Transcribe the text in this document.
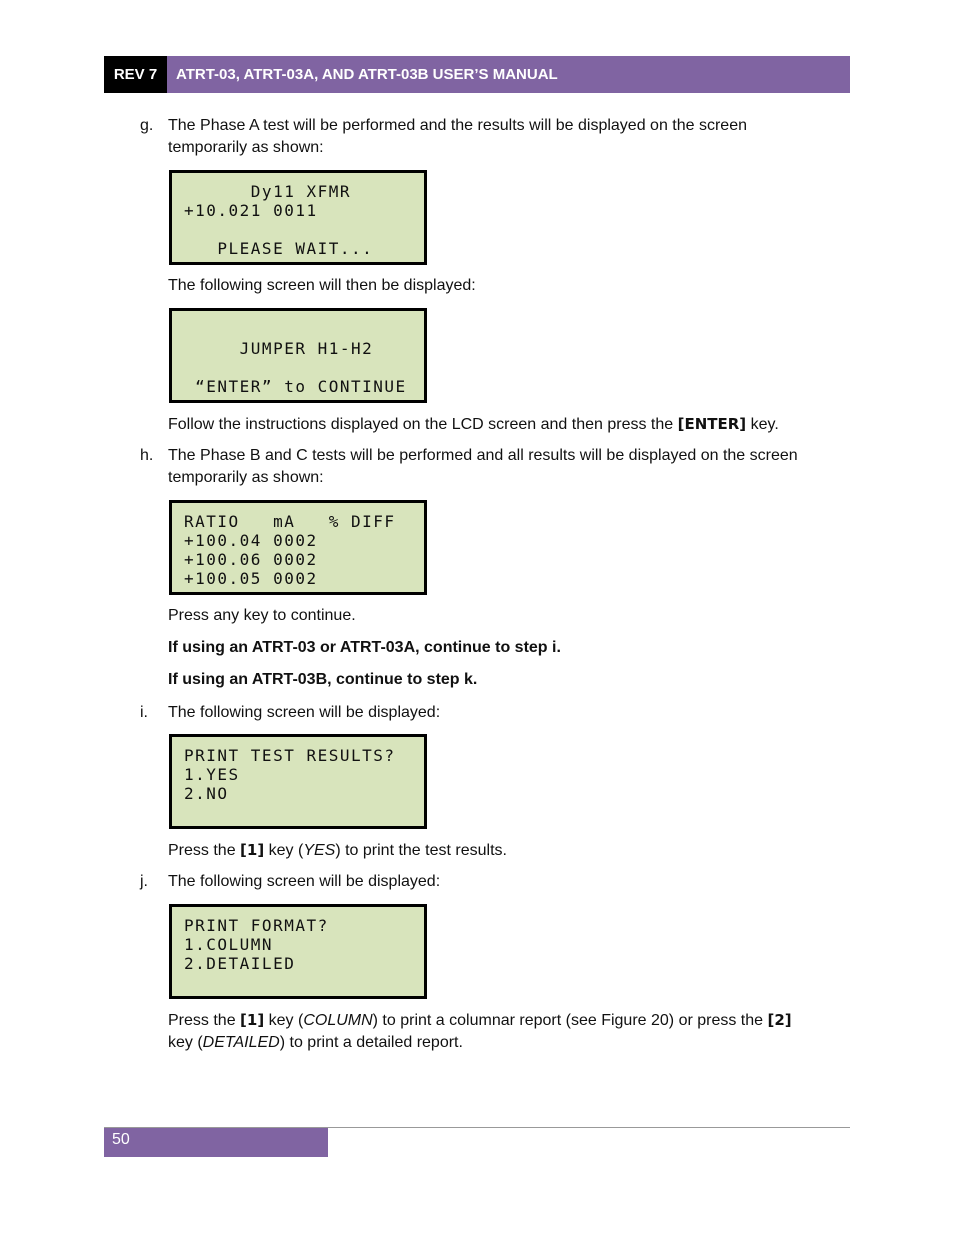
REV 7	ATRT-03, ATRT-03A, AND ATRT-03B USER’S MANUAL
g. The Phase A test will be performed and the results will be displayed on the screen
temporarily as shown:
Dy11 XFMR
+10.021 0011
PLEASE WAIT...
The following screen will then be displayed:
JUMPER H1-H2
“ENTER” to CONTINUE
Follow the instructions displayed on the LCD screen and then press the [ENTER] key.
h. The Phase B and C tests will be performed and all results will be displayed on the screen
temporarily as shown:
RATIO   mA   % DIFF
+100.04 0002
+100.06 0002
+100.05 0002
Press any key to continue.
If using an ATRT-03 or ATRT-03A, continue to step i.
If using an ATRT-03B, continue to step k.
i. The following screen will be displayed:
PRINT TEST RESULTS?
1.YES
2.NO
Press the [1] key (YES) to print the test results.
j. The following screen will be displayed:
PRINT FORMAT?
1.COLUMN
2.DETAILED
Press the [1] key (COLUMN) to print a columnar report (see Figure 20) or press the [2]
key (DETAILED) to print a detailed report.
50
